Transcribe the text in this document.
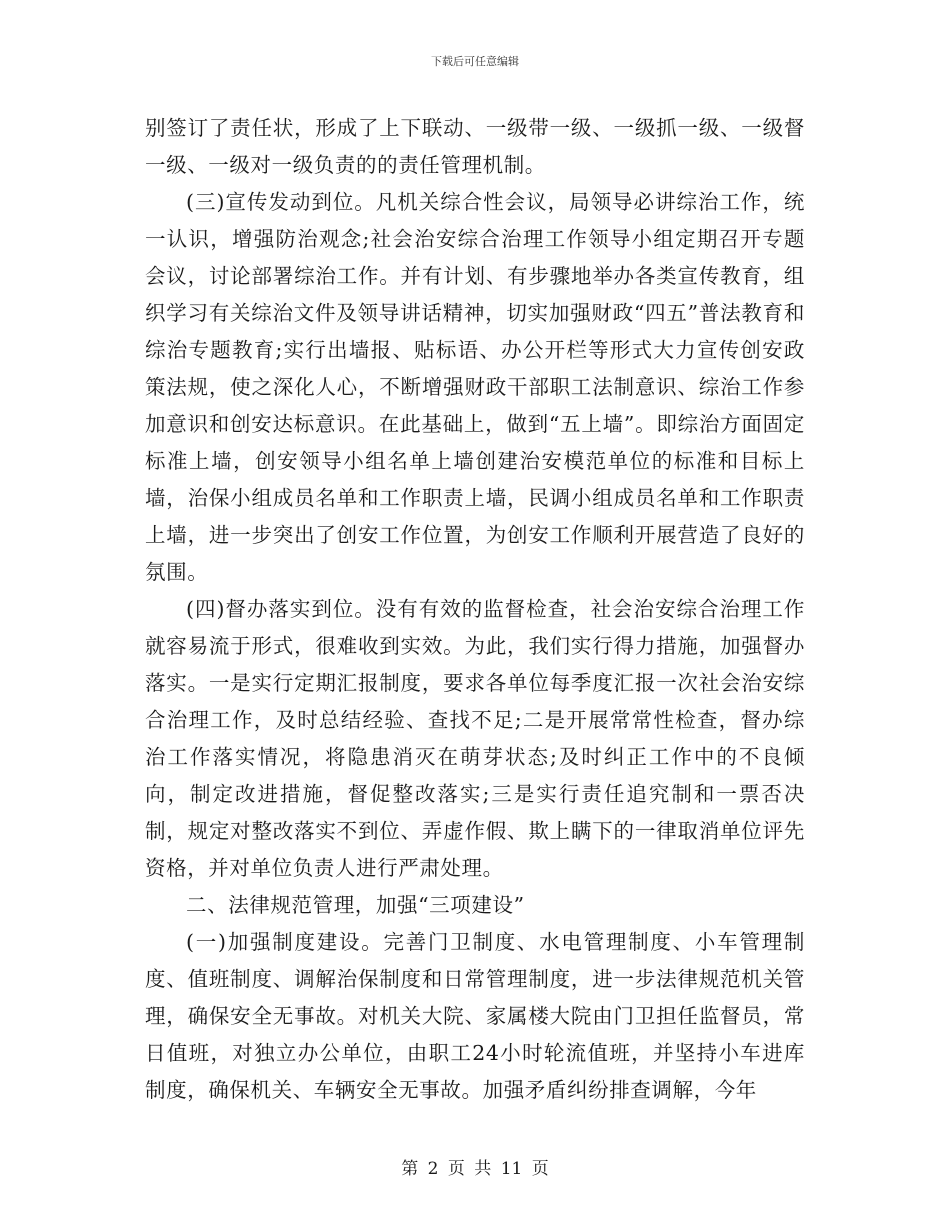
下载后可任意编辑

别签订了责任状，形成了上下联动、一级带一级、一级抓一级、一级督一级、一级对一级负责的的责任管理机制。

(三)宣传发动到位。凡机关综合性会议，局领导必讲综治工作，统一认识，增强防治观念;社会治安综合治理工作领导小组定期召开专题会议，讨论部署综治工作。并有计划、有步骤地举办各类宣传教育，组织学习有关综治文件及领导讲话精神，切实加强财政“四五”普法教育和综治专题教育;实行出墙报、贴标语、办公开栏等形式大力宣传创安政策法规，使之深化人心，不断增强财政干部职工法制意识、综治工作参加意识和创安达标意识。在此基础上，做到“五上墙”。即综治方面固定标准上墙，创安领导小组名单上墙创建治安模范单位的标准和目标上墙，治保小组成员名单和工作职责上墙，民调小组成员名单和工作职责上墙，进一步突出了创安工作位置，为创安工作顺利开展营造了良好的氛围。

(四)督办落实到位。没有有效的监督检查，社会治安综合治理工作就容易流于形式，很难收到实效。为此，我们实行得力措施，加强督办落实。一是实行定期汇报制度，要求各单位每季度汇报一次社会治安综合治理工作，及时总结经验、查找不足;二是开展常常性检查，督办综治工作落实情况，将隐患消灭在萌芽状态;及时纠正工作中的不良倾向，制定改进措施，督促整改落实;三是实行责任追究制和一票否决制，规定对整改落实不到位、弄虚作假、欺上瞒下的一律取消单位评先资格，并对单位负责人进行严肃处理。

二、法律规范管理，加强“三项建设”

(一)加强制度建设。完善门卫制度、水电管理制度、小车管理制度、值班制度、调解治保制度和日常管理制度，进一步法律规范机关管理，确保安全无事故。对机关大院、家属楼大院由门卫担任监督员，常日值班，对独立办公单位，由职工24小时轮流值班，并坚持小车进库制度，确保机关、车辆安全无事故。加强矛盾纠纷排查调解，今年

第 2 页 共 11 页
